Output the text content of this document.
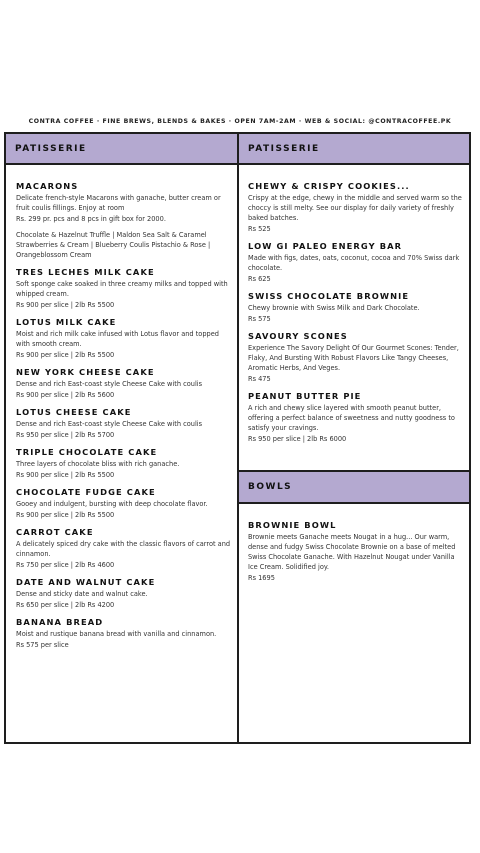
CONTRA COFFEE · FINE BREWS, BLENDS & BAKES · OPEN 7AM-2AM · WEB & SOCIAL: @CONTRACOFFEE.PK
PATISSERIE	PATISSERIE
BOWLS
MACARONS
Delicate french-style Macarons with ganache, butter cream or fruit coulis fillings. Enjoy at room
Rs. 299 pr. pcs and 8 pcs in gift box for 2000.
Chocolate & Hazelnut Truffle | Maldon Sea Salt & Caramel Strawberries & Cream | Blueberry Coulis Pistachio & Rose | Orangeblossom Cream
TRES LECHES MILK CAKE
Soft sponge cake soaked in three creamy milks and topped with whipped cream.
Rs 900 per slice | 2lb Rs 5500
LOTUS MILK CAKE
Moist and rich milk cake infused with Lotus flavor and topped with smooth cream.
Rs 900 per slice | 2lb Rs 5500
NEW YORK CHEESE CAKE
Dense and rich East-coast style Cheese Cake with coulis
Rs 900 per slice | 2lb Rs 5600
LOTUS CHEESE CAKE
Dense and rich East-coast style Cheese Cake with coulis
Rs 950 per slice | 2lb Rs 5700
TRIPLE CHOCOLATE CAKE
Three layers of chocolate bliss with rich ganache.
Rs 900 per slice | 2lb Rs 5500
CHOCOLATE FUDGE CAKE
Gooey and indulgent, bursting with deep chocolate flavor.
Rs 900 per slice | 2lb Rs 5500
CARROT CAKE
A delicately spiced dry cake with the classic flavors of carrot and cinnamon.
Rs 750 per slice | 2lb Rs 4600
DATE AND WALNUT CAKE
Dense and sticky date and walnut cake.
Rs 650 per slice | 2lb Rs 4200
BANANA BREAD
Moist and rustique banana bread with vanilla and cinnamon.
Rs 575 per slice
CHEWY & CRISPY COOKIES...
Crispy at the edge, chewy in the middle and served warm so the choccy is still melty. See our display for daily variety of freshly baked batches.
Rs 525
LOW GI PALEO ENERGY BAR
Made with figs, dates, oats, coconut, cocoa and 70% Swiss dark chocolate.
Rs 625
SWISS CHOCOLATE BROWNIE
Chewy brownie with Swiss Milk and Dark Chocolate.
Rs 575
SAVOURY SCONES
Experience The Savory Delight Of Our Gourmet Scones: Tender, Flaky, And Bursting With Robust Flavors Like Tangy Cheeses, Aromatic Herbs, And Veges.
Rs 475
PEANUT BUTTER PIE
A rich and chewy slice layered with smooth peanut butter, offering a perfect balance of sweetness and nutty goodness to satisfy your cravings.
Rs 950 per slice | 2lb Rs 6000
BROWNIE BOWL
Brownie meets Ganache meets Nougat in a hug... Our warm, dense and fudgy Swiss Chocolate Brownie on a base of melted Swiss Chocolate Ganache. With Hazelnut Nougat under Vanilla Ice Cream. Solidified joy.
Rs 1695
